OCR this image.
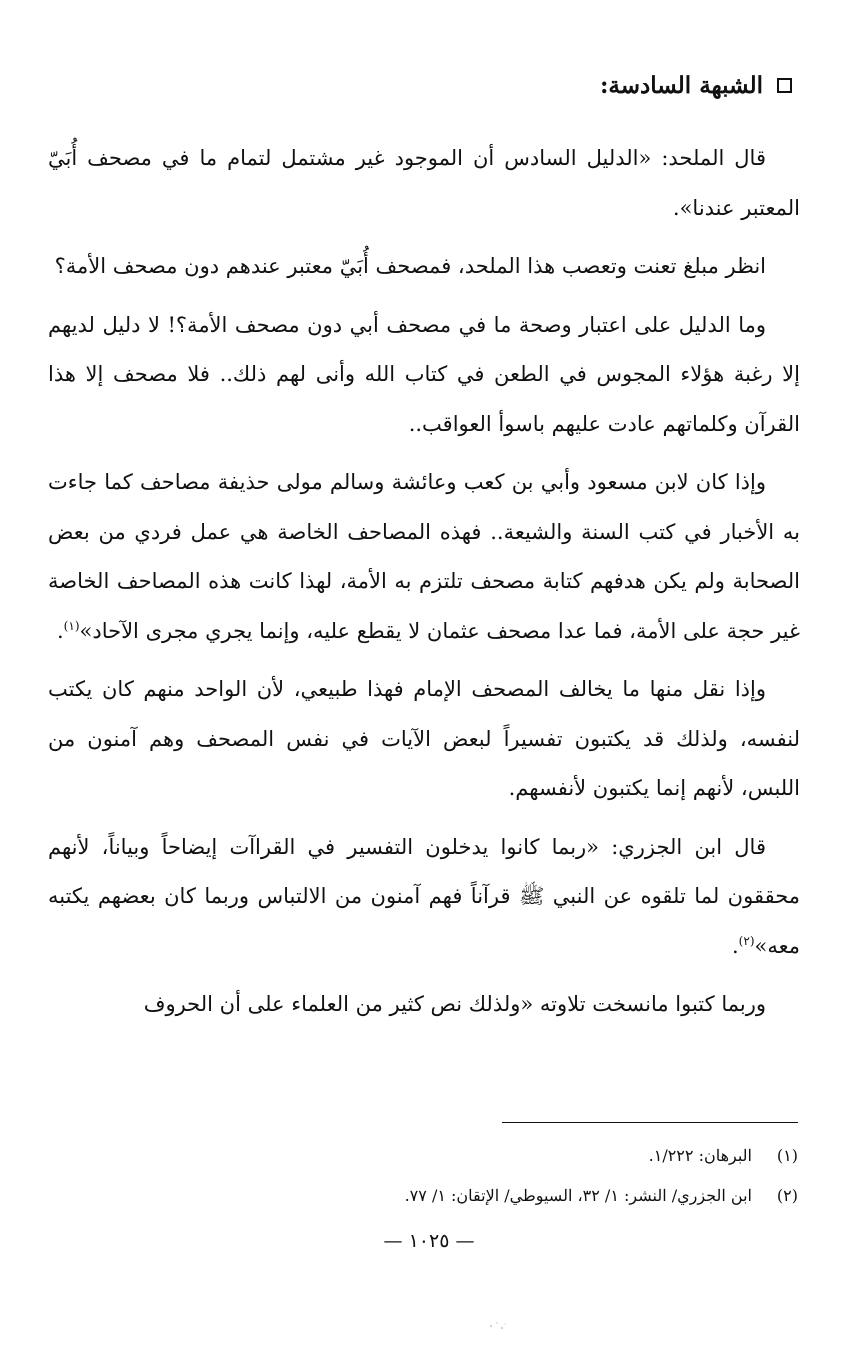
الشبهة السادسة:

قال الملحد: «الدليل السادس أن الموجود غير مشتمل لتمام ما في مصحف أُبَيّ المعتبر عندنا».

انظر مبلغ تعنت وتعصب هذا الملحد، فمصحف أُبَيّ معتبر عندهم دون مصحف الأمة؟

وما الدليل على اعتبار وصحة ما في مصحف أبي دون مصحف الأمة؟! لا دليل لديهم إلا رغبة هؤلاء المجوس في الطعن في كتاب الله وأنى لهم ذلك.. فلا مصحف إلا هذا القرآن وكلماتهم عادت عليهم باسوأ العواقب..

وإذا كان لابن مسعود وأبي بن كعب وعائشة وسالم مولى حذيفة مصاحف كما جاءت به الأخبار في كتب السنة والشيعة.. فهذه المصاحف الخاصة هي عمل فردي من بعض الصحابة ولم يكن هدفهم كتابة مصحف تلتزم به الأمة، لهذا كانت هذه المصاحف الخاصة غير حجة على الأمة، فما عدا مصحف عثمان لا يقطع عليه، وإنما يجري مجرى الآحاد»$^{(١)}$.

وإذا نقل منها ما يخالف المصحف الإمام فهذا طبيعي، لأن الواحد منهم كان يكتب لنفسه، ولذلك قد يكتبون تفسيراً لبعض الآيات في نفس المصحف وهم آمنون من اللبس، لأنهم إنما يكتبون لأنفسهم.

قال ابن الجزري: «ربما كانوا يدخلون التفسير في القراآت إيضاحاً وبياناً، لأنهم محققون لما تلقوه عن النبي ﷺ قرآناً فهم آمنون من الالتباس وربما كان بعضهم يكتبه معه»$^{(٢)}$.

وربما كتبوا مانسخت تلاوته «ولذلك نص كثير من العلماء على أن الحروف

(١)
البرهان: ١/٢٢٢.
(٢)
ابن الجزري/ النشر: ١/ ٣٢، السيوطي/ الإتقان: ١/ ٧٧.
— ١٠٢٥ —
